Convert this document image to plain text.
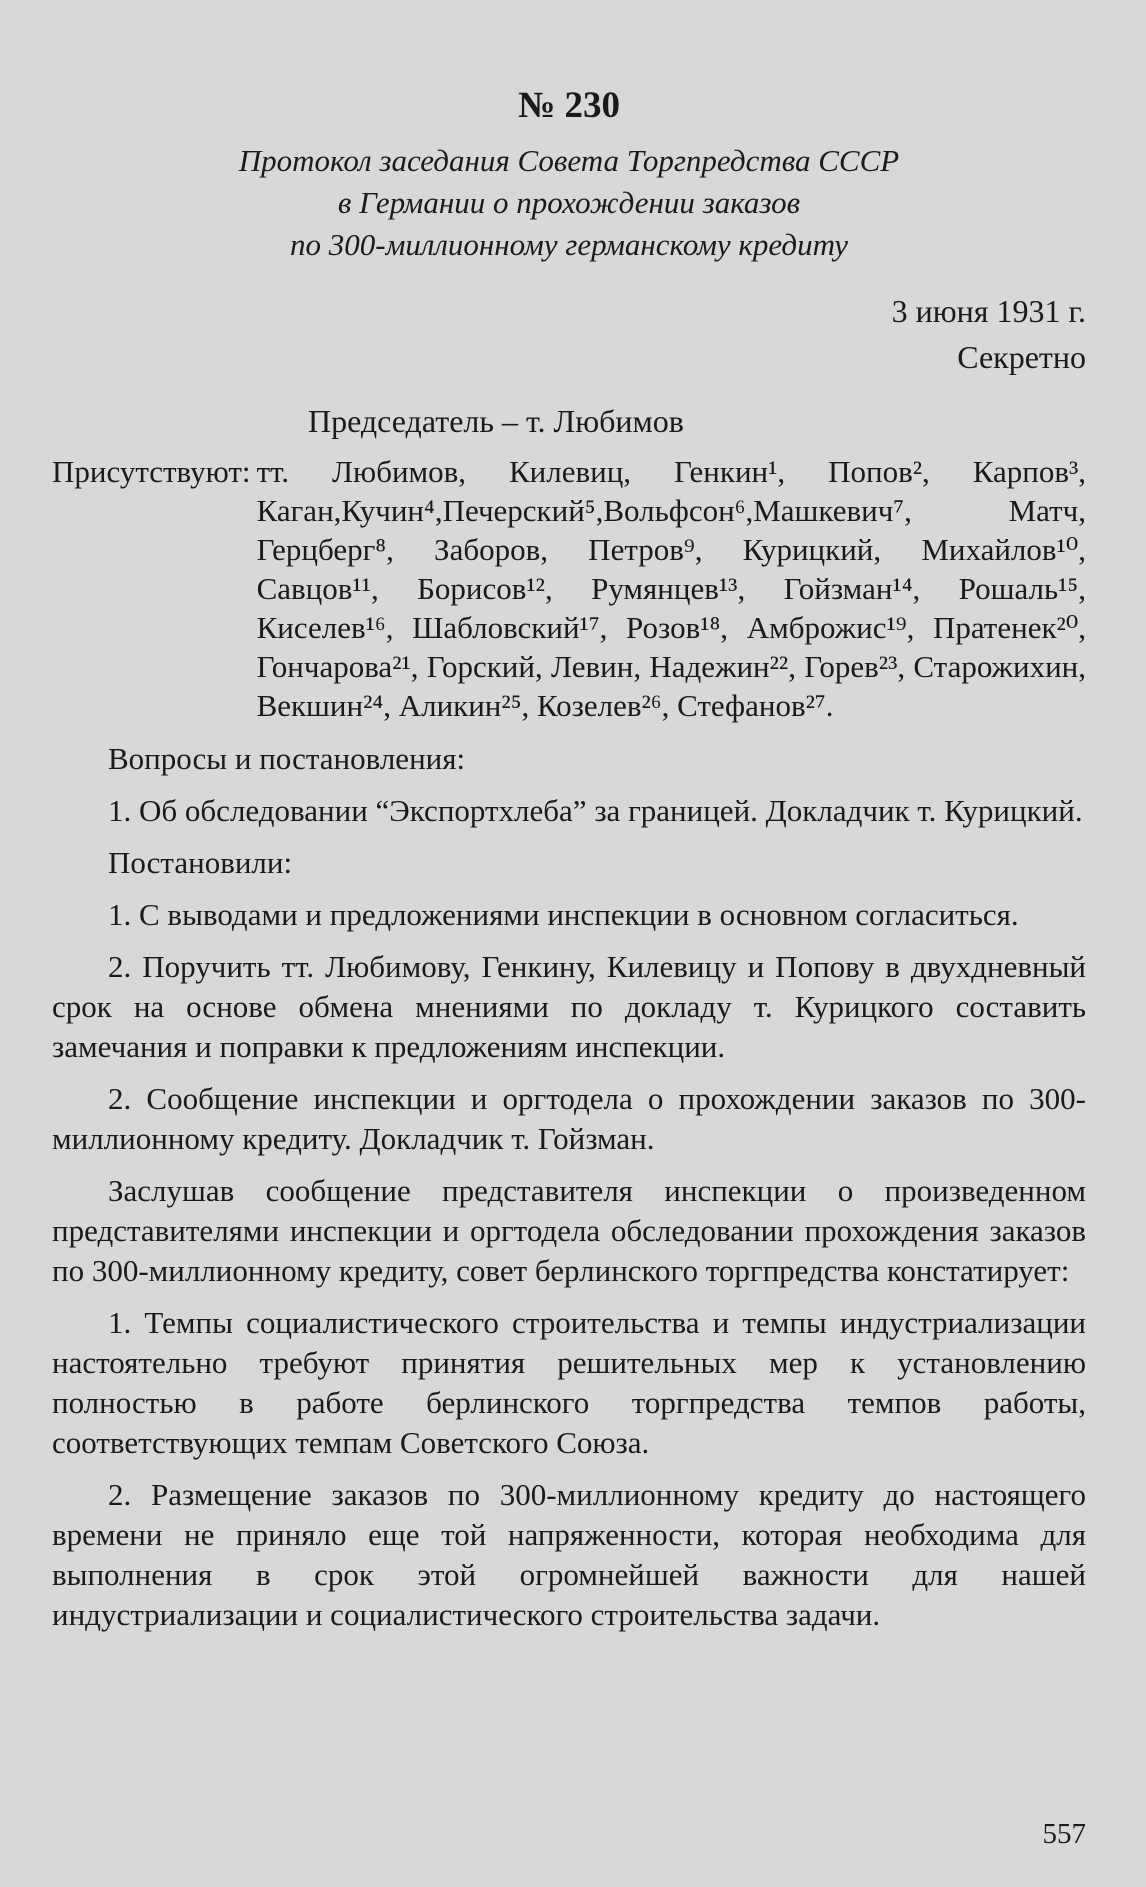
№ 230
Протокол заседания Совета Торгпредства СССР
в Германии о прохождении заказов
по 300-миллионному германскому кредиту
3 июня 1931 г.
Секретно
Председатель – т. Любимов
Присутствуют: тт. Любимов, Килевиц, Генкин¹, Попов², Карпов³, Каган,Кучин⁴,Печерский⁵,Вольфсон⁶,Машкевич⁷, Матч, Герцберг⁸, Заборов, Петров⁹, Курицкий, Михайлов¹⁰, Савцов¹¹, Борисов¹², Румянцев¹³, Гойзман¹⁴, Рошаль¹⁵, Киселев¹⁶, Шабловский¹⁷, Розов¹⁸, Амброжис¹⁹, Пратенек²⁰, Гончарова²¹, Горский, Левин, Надежин²², Горев²³, Старожихин, Векшин²⁴, Аликин²⁵, Козелев²⁶, Стефанов²⁷.

Вопросы и постановления:

1. Об обследовании “Экспортхлеба” за границей. Докладчик т. Курицкий.

Постановили:

1. С выводами и предложениями инспекции в основном согласиться.

2. Поручить тт. Любимову, Генкину, Килевицу и Попову в двухдневный срок на основе обмена мнениями по докладу т. Курицкого составить замечания и поправки к предложениям инспекции.

2. Сообщение инспекции и оргтодела о прохождении заказов по 300-миллионному кредиту. Докладчик т. Гойзман.

Заслушав сообщение представителя инспекции о произведенном представителями инспекции и оргтодела обследовании прохождения заказов по 300-миллионному кредиту, совет берлинского торгпредства констатирует:

1. Темпы социалистического строительства и темпы индустриализации настоятельно требуют принятия решительных мер к установлению полностью в работе берлинского торгпредства темпов работы, соответствующих темпам Советского Союза.

2. Размещение заказов по 300-миллионному кредиту до настоящего времени не приняло еще той напряженности, которая необходима для выполнения в срок этой огромнейшей важности для нашей индустриализации и социалистического строительства задачи.

557
